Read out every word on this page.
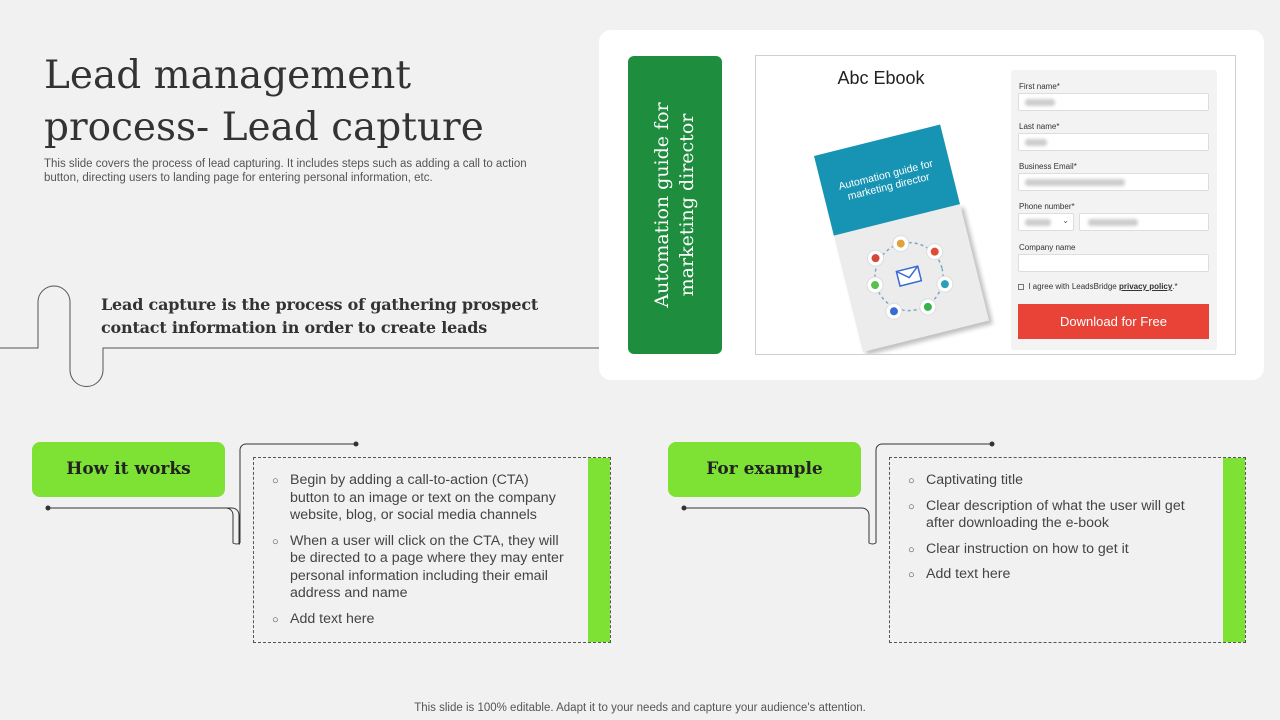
Lead management process- Lead capture

This slide covers the process of lead capturing. It includes steps such as adding a call to action button, directing users to landing page for entering personal information, etc.

Lead capture is the process of gathering prospect contact information in order to create leads

Automation guide for marketing director
Abc Ebook
Automation guide for marketing director
First name*
Last name*
Business Email*
Phone number*
⌄
Company name
I agree with LeadsBridge privacy policy.*
Download for Free
How it works
○ Begin by adding a call-to-action (CTA) button to an image or text on the company website, blog, or social media channels
○ When a user will click on the CTA, they will be directed to a page where they may enter personal information including their email address and name
○ Add text here
For example
○ Captivating title
○ Clear description of what the user will get after downloading the e-book
○ Clear instruction on how to get it
○ Add text here
This slide is 100% editable. Adapt it to your needs and capture your audience's attention.
